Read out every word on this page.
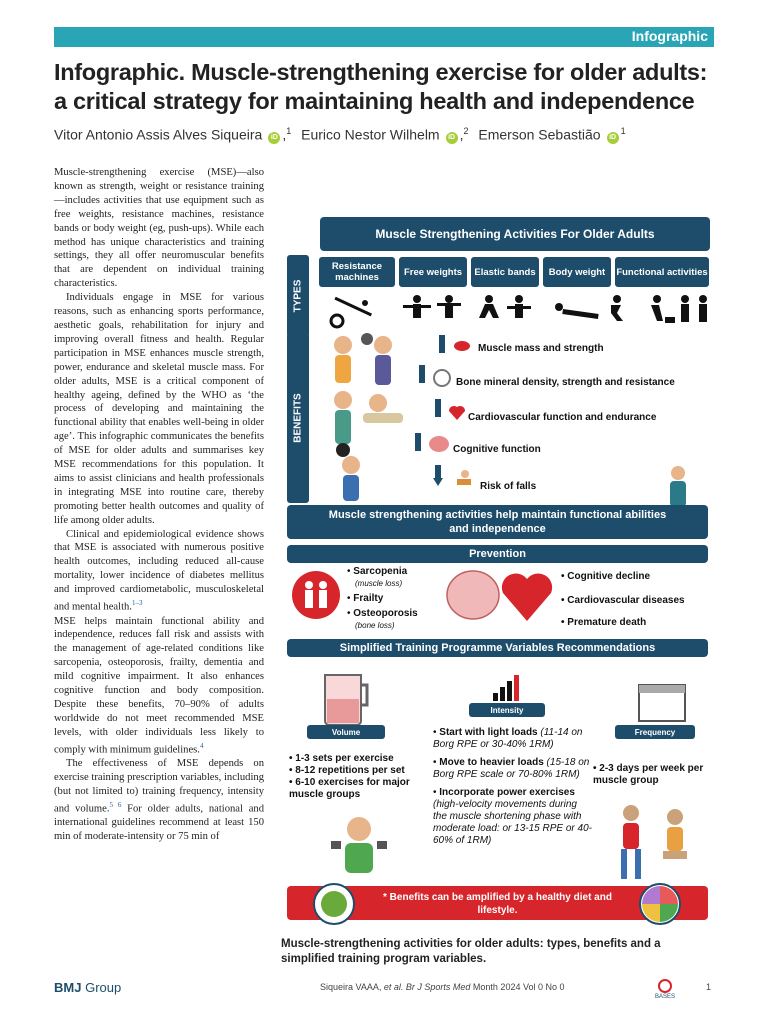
Infographic
Infographic. Muscle-strengthening exercise for older adults: a critical strategy for maintaining health and independence
Vitor Antonio Assis Alves Siqueira iD ,$^1$ Eurico Nestor Wilhelm iD ,$^2$ Emerson Sebastião $iD^1$

Muscle-strengthening exercise (MSE)—also known as strength, weight or resistance training—includes activities that use equipment such as free weights, resistance machines, resistance bands or body weight (eg, push-ups). While each method has unique characteristics and training settings, they all offer neuromuscular benefits that are dependent on individual training characteristics.

Individuals engage in MSE for various reasons, such as enhancing sports performance, aesthetic goals, rehabilitation for injury and improving overall fitness and health. Regular participation in MSE enhances muscle strength, power, endurance and skeletal muscle mass. For older adults, MSE is a critical component of healthy ageing, defined by the WHO as ‘the process of developing and maintaining the functional ability that enables well-being in older age’. This infographic communicates the benefits of MSE for older adults and summarises key MSE recommendations for this population. It aims to assist clinicians and health professionals in integrating MSE into routine care, thereby promoting better health outcomes and quality of life among older adults.

Clinical and epidemiological evidence shows that MSE is associated with numerous positive health outcomes, including reduced all-cause mortality, lower incidence of diabetes mellitus and improved cardiometabolic, musculoskeletal and mental health.$^{1-3}$

MSE helps maintain functional ability and independence, reduces fall risk and assists with the management of age-related conditions like sarcopenia, osteoporosis, frailty, dementia and mild cognitive impairment. It also enhances cognitive function and body composition. Despite these benefits, 70–90% of adults worldwide do not meet recommended MSE levels, with older individuals less likely to comply with minimum guidelines.$^4$

The effectiveness of MSE depends on exercise training prescription variables, including (but not limited to) training frequency, intensity and volume.$^{5 6}$ For older adults, national and international guidelines recommend at least 150 min of moderate-intensity or 75 min of

Muscle Strengthening Activities For Older Adults
TYPES
Resistance machines	Free weights	Elastic bands	Body weight	Functional activities
BENEFITS
Muscle mass and strength
Bone mineral density, strength and resistance
Cardiovascular function and endurance
Cognitive function
Risk of falls
Muscle strengthening activities help maintain functional abilities and independence
Prevention
• Sarcopenia
(muscle loss)
• Frailty
• Osteoporosis
(bone loss)
• Cognitive decline
• Cardiovascular diseases
• Premature death
Simplified Training Programme Variables Recommendations
Volume
Intensity
Frequency
• 1-3 sets per exercise
• 8-12 repetitions per set
• 6-10 exercises for major muscle groups
• Start with light loads (11-14 on Borg RPE or 30-40% 1RM)
• Move to heavier loads (15-18 on Borg RPE scale or 70-80% 1RM)
• Incorporate power exercises
(high-velocity movements during the muscle shortening phase with moderate load: or 13-15 RPE or 40-60% of 1RM)
• 2-3 days per week per muscle group
* Benefits can be amplified by a healthy diet and lifestyle.
Muscle-strengthening activities for older adults: types, benefits and a simplified training program variables.
BMJ Group	Siqueira VAAA, et al. Br J Sports Med Month 2024 Vol 0 No 0
BASES
1
